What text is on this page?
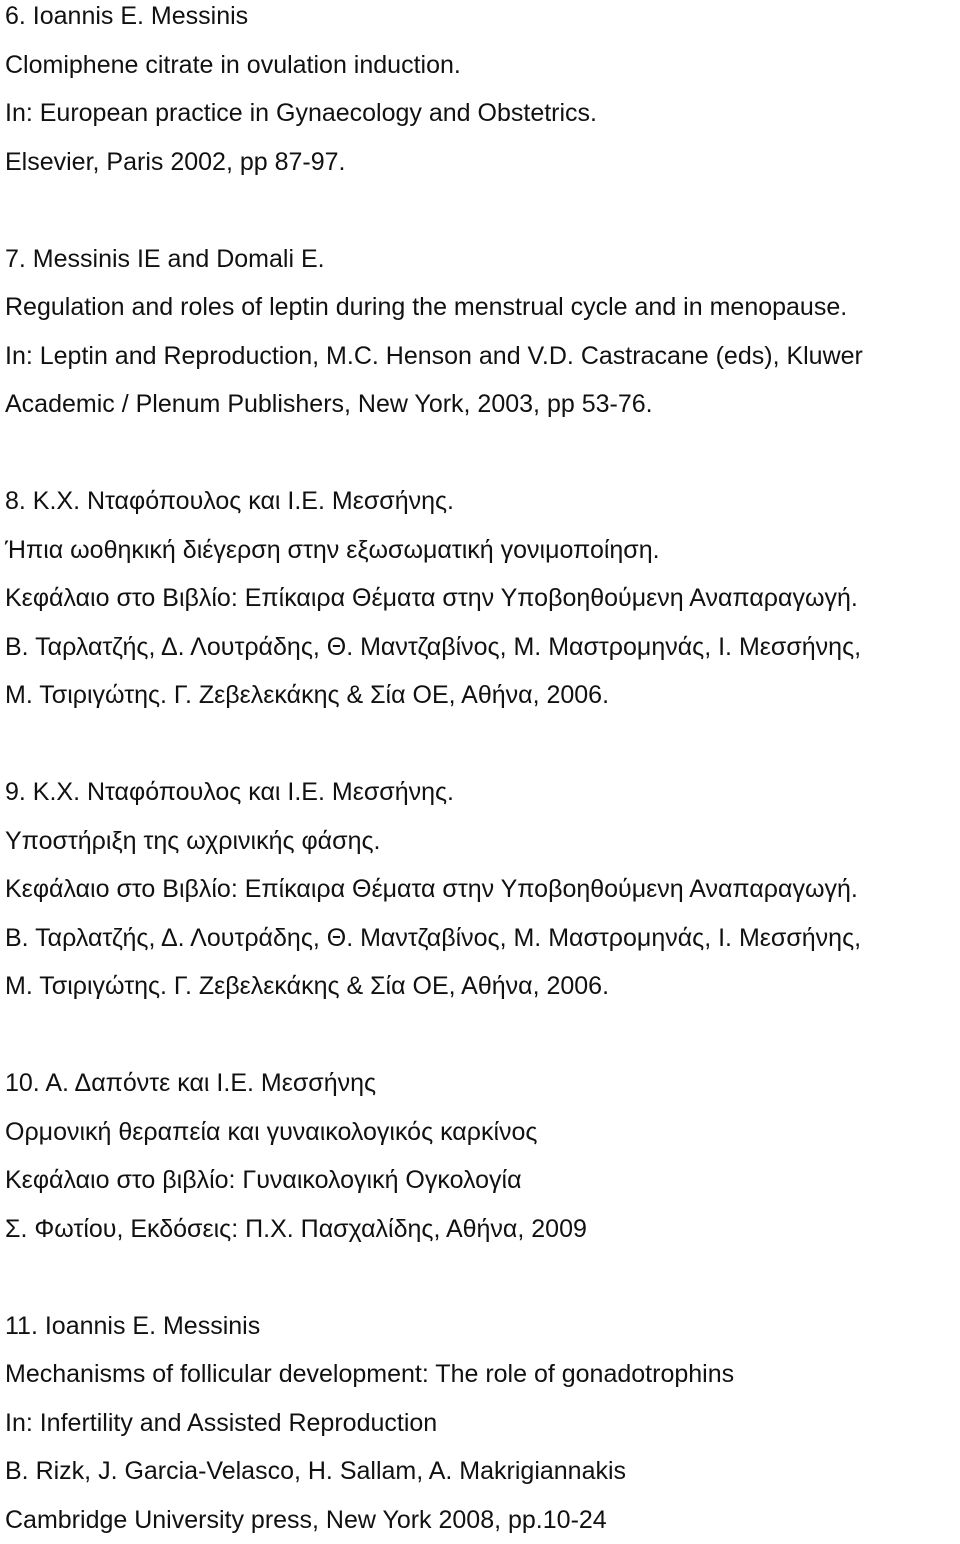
6. Ioannis E. Messinis

Clomiphene citrate in ovulation induction.

In: European practice in Gynaecology and Obstetrics.

Elsevier, Paris 2002, pp 87-97.

7. Messinis IE and Domali E.

Regulation and roles of leptin during the menstrual cycle and in menopause.

In: Leptin and Reproduction, M.C. Henson and V.D. Castracane (eds), Kluwer

Academic / Plenum Publishers, New York, 2003, pp 53-76.

8. Κ.Χ. Νταφόπουλος και Ι.Ε. Μεσσήνης.

Ήπια ωοθηκική διέγερση στην εξωσωματική γονιμοποίηση.

Κεφάλαιο στο Βιβλίο: Επίκαιρα Θέματα στην Υποβοηθούμενη Αναπαραγωγή.

Β. Ταρλατζής, Δ. Λουτράδης, Θ. Μαντζαβίνος, Μ. Μαστρομηνάς, Ι. Μεσσήνης,

Μ. Τσιριγώτης. Γ. Ζεβελεκάκης & Σία ΟΕ, Αθήνα, 2006.

9. Κ.Χ. Νταφόπουλος και Ι.Ε. Μεσσήνης.

Υποστήριξη της ωχρινικής φάσης.

Κεφάλαιο στο Βιβλίο: Επίκαιρα Θέματα στην Υποβοηθούμενη Αναπαραγωγή.

Β. Ταρλατζής, Δ. Λουτράδης, Θ. Μαντζαβίνος, Μ. Μαστρομηνάς, Ι. Μεσσήνης,

Μ. Τσιριγώτης. Γ. Ζεβελεκάκης & Σία ΟΕ, Αθήνα, 2006.

10. Α. Δαπόντε και Ι.Ε. Μεσσήνης

Ορμονική θεραπεία και γυναικολογικός καρκίνος

Κεφάλαιο στο βιβλίο: Γυναικολογική Ογκολογία

Σ. Φωτίου, Εκδόσεις: Π.Χ. Πασχαλίδης, Αθήνα, 2009

11. Ioannis E. Messinis

Mechanisms of follicular development: The role of gonadotrophins

In: Infertility and Assisted Reproduction

B. Rizk, J. Garcia-Velasco, H. Sallam, A. Makrigiannakis

Cambridge University press, New York 2008, pp.10-24
